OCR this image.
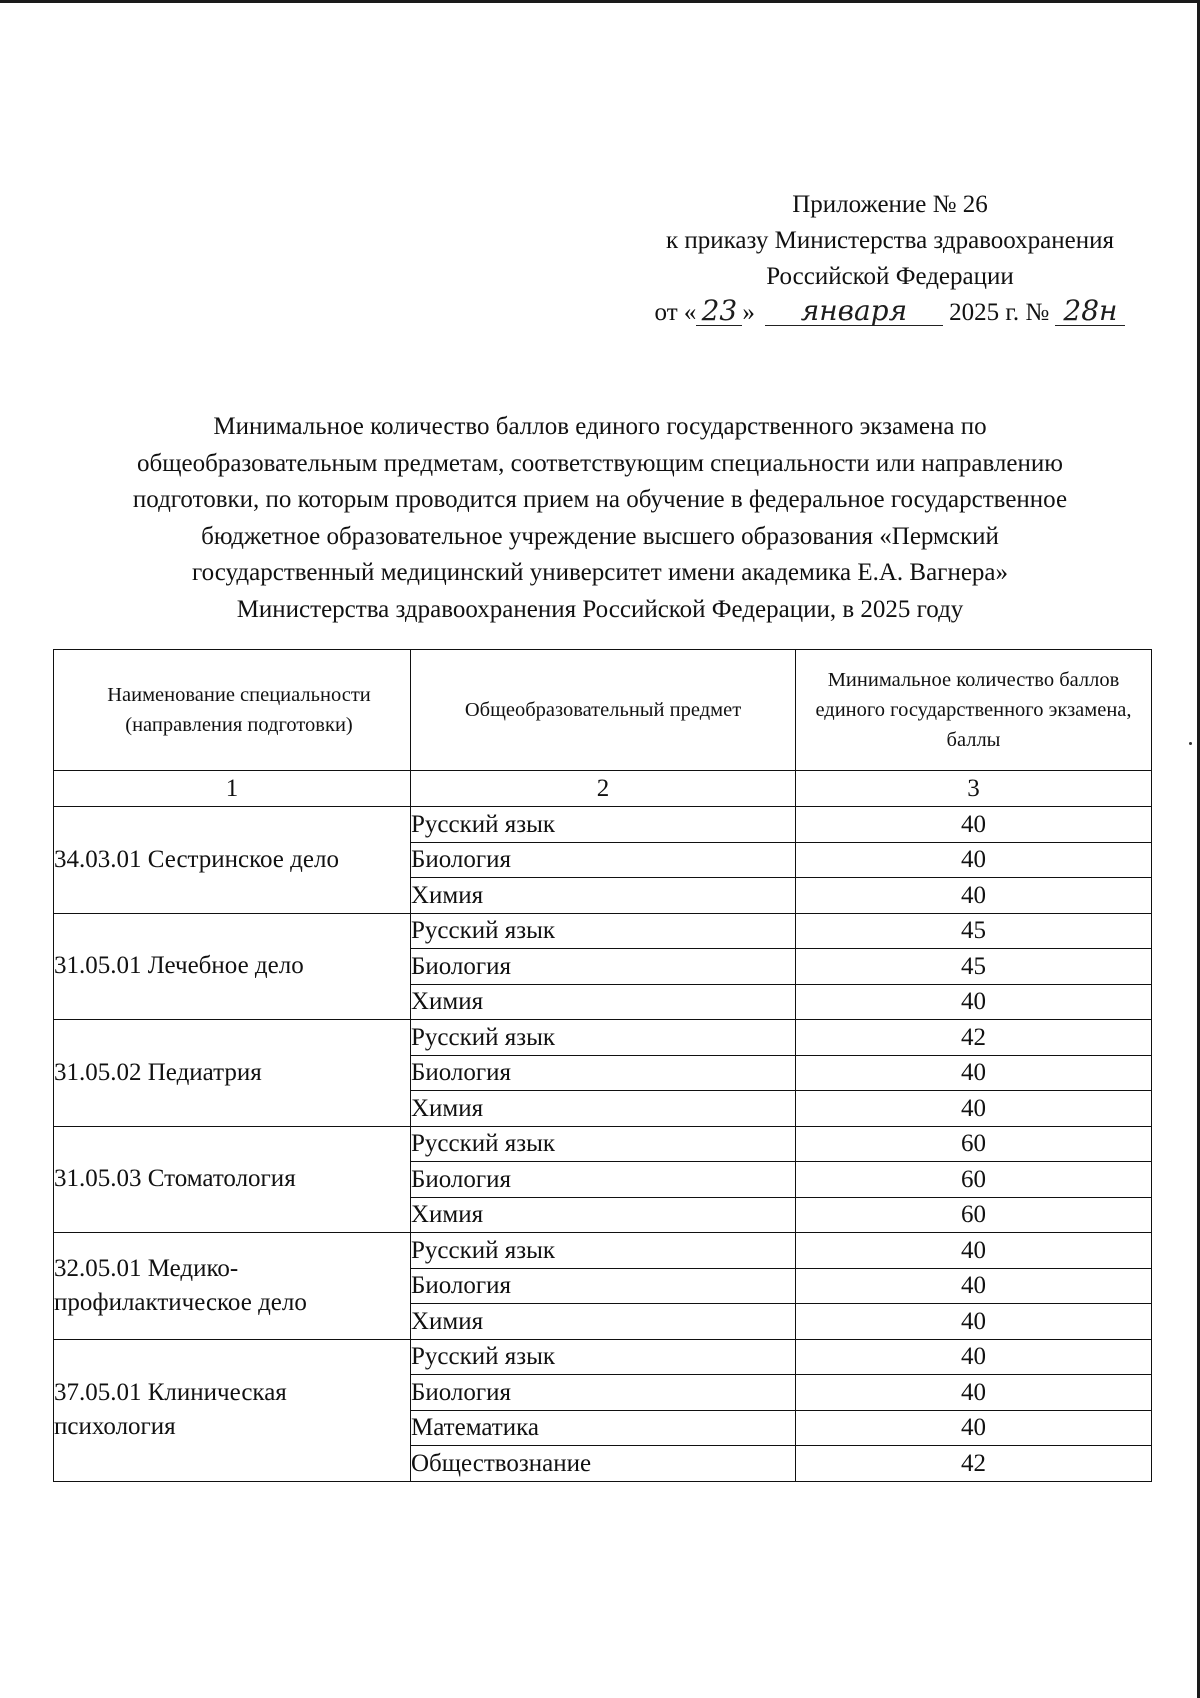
Приложение № 26
к приказу Министерства здравоохранения
Российской Федерации
от « 23 » января 2025 г. № 28н
Минимальное количество баллов единого государственного экзамена по
общеобразовательным предметам, соответствующим специальности или направлению
подготовки, по которым проводится прием на обучение в федеральное государственное
бюджетное образовательное учреждение высшего образования «Пермский
государственный медицинский университет имени академика Е.А. Вагнера»
Министерства здравоохранения Российской Федерации, в 2025 году
Наименование специальности (направления подготовки)	Общеобразовательный предмет	Минимальное количество баллов единого государственного экзамена, баллы
1	2	3
34.03.01 Сестринское дело	Русский язык	40
	Биология	40
	Химия	40
31.05.01 Лечебное дело	Русский язык	45
	Биология	45
	Химия	40
31.05.02 Педиатрия	Русский язык	42
	Биология	40
	Химия	40
31.05.03 Стоматология	Русский язык	60
	Биология	60
	Химия	60
32.05.01 Медико-профилактическое дело	Русский язык	40
	Биология	40
	Химия	40
37.05.01 Клиническая психология	Русский язык	40
	Биология	40
	Математика	40
	Обществознание	42
